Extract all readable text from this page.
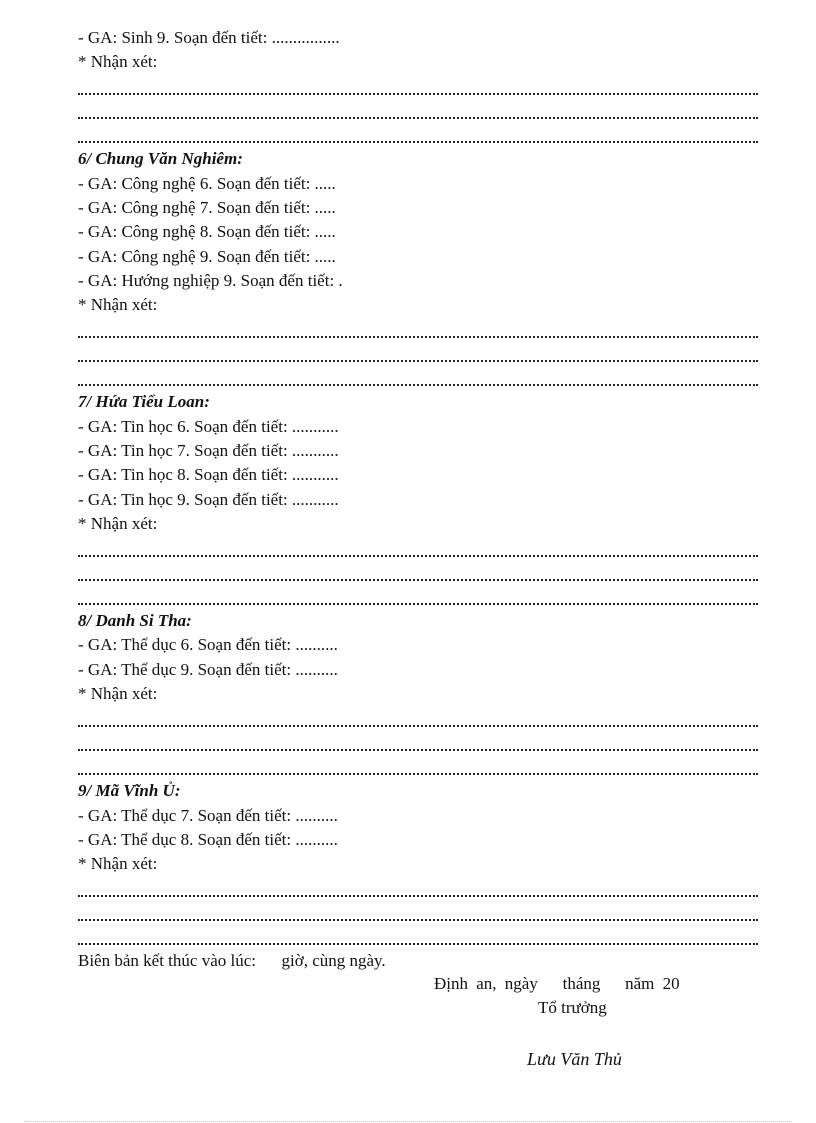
- GA: Sinh 9. Soạn đến tiết: ................
* Nhận xét:
6/ Chung Văn Nghiêm:
- GA: Công nghệ 6. Soạn đến tiết: .....
- GA: Công nghệ 7. Soạn đến tiết: .....
- GA: Công nghệ 8. Soạn đến tiết: .....
- GA: Công nghệ 9. Soạn đến tiết: .....
- GA: Hướng nghiệp 9. Soạn đến tiết: .
* Nhận xét:
7/ Hứa Tiểu Loan:
- GA: Tin học 6. Soạn đến tiết: ...........
- GA: Tin học 7. Soạn đến tiết: ...........
- GA: Tin học 8. Soạn đến tiết: ...........
- GA: Tin học 9. Soạn đến tiết: ...........
* Nhận xét:
8/ Danh Si Tha:
- GA: Thể dục 6. Soạn đến tiết: ..........
- GA: Thể dục 9. Soạn đến tiết: ..........
* Nhận xét:
9/ Mã Vĩnh Ủ:
- GA: Thể dục 7. Soạn đến tiết: ..........
- GA: Thể dục 8. Soạn đến tiết: ..........
* Nhận xét:
Biên bản kết thúc vào lúc:      giờ, cùng ngày.
Định an, ngày   tháng   năm 20
Tổ trưởng
Lưu Văn Thủ
